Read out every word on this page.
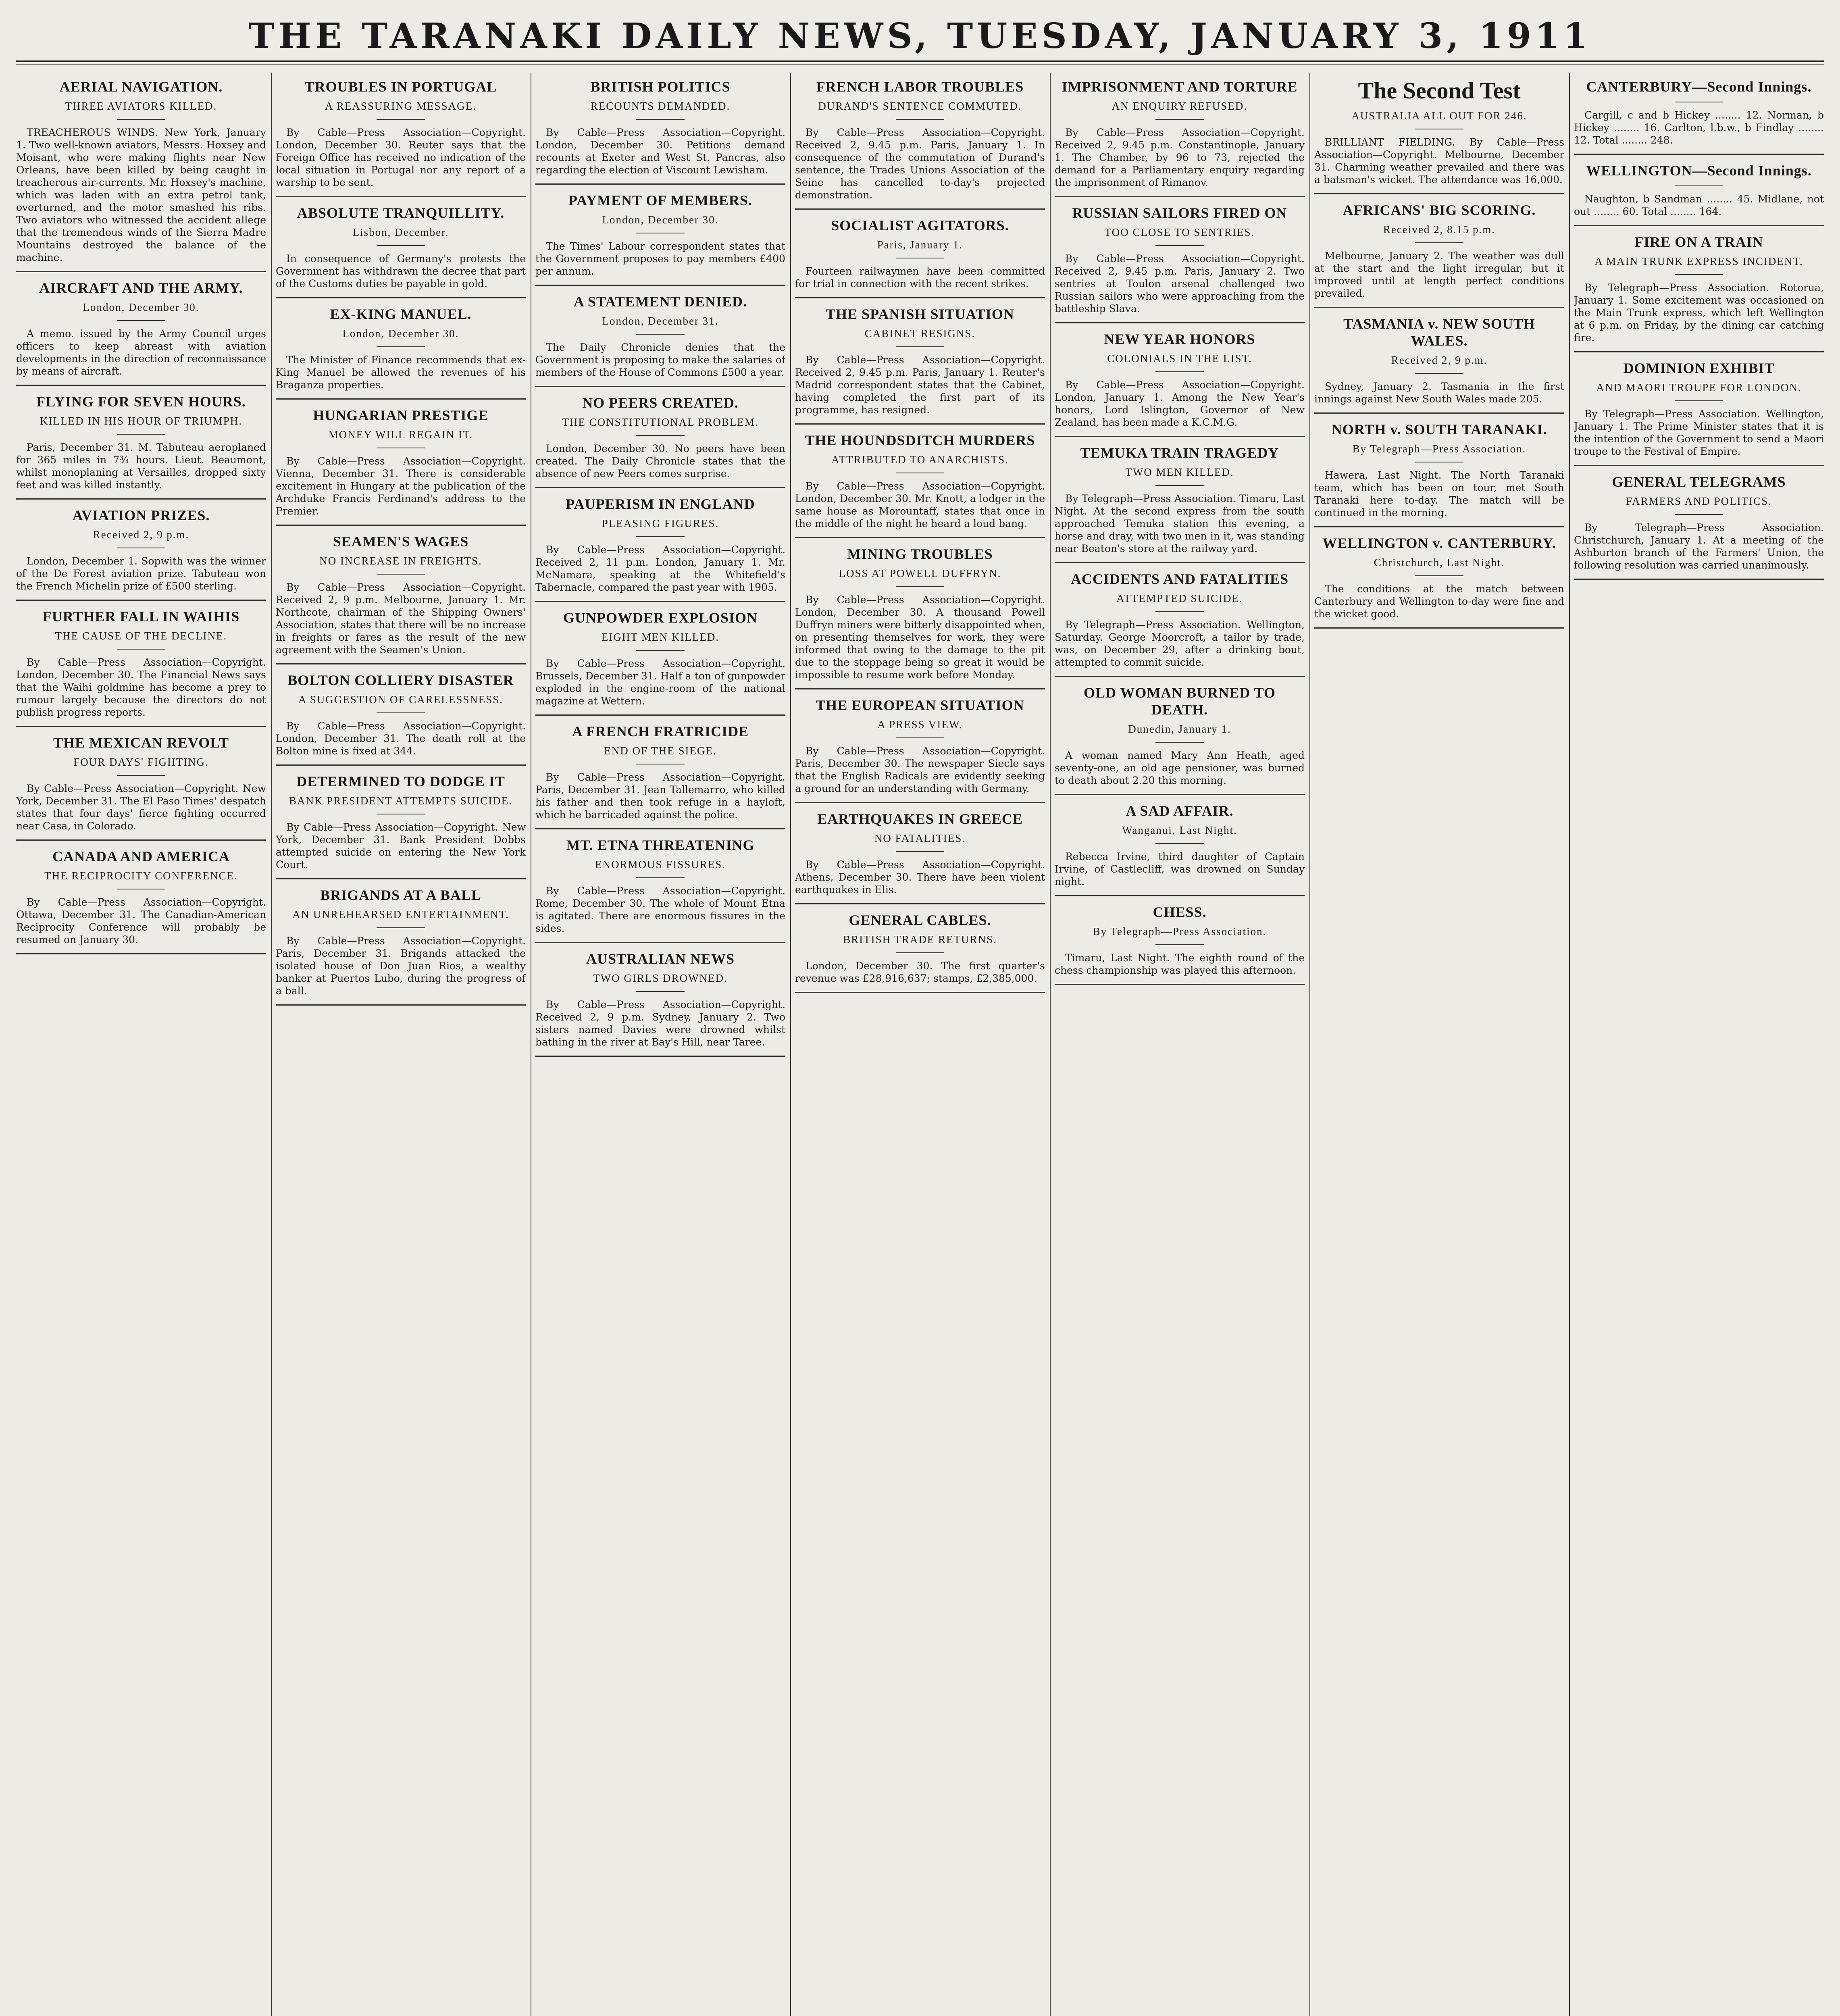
THE TARANAKI DAILY NEWS, TUESDAY, JANUARY 3, 1911
AERIAL NAVIGATION.
THREE AVIATORS KILLED.

TREACHEROUS WINDS. New York, January 1. Two well-known aviators, Messrs. Hoxsey and Moisant, who were making flights near New Orleans, have been killed by being caught in treacherous air-currents. Mr. Hoxsey's machine, which was laden with an extra petrol tank, overturned, and the motor smashed his ribs. Two aviators who witnessed the accident allege that the tremendous winds of the Sierra Madre Mountains destroyed the balance of the machine.

AIRCRAFT AND THE ARMY.
London, December 30.

A memo. issued by the Army Council urges officers to keep abreast with aviation developments in the direction of reconnaissance by means of aircraft.

FLYING FOR SEVEN HOURS.
KILLED IN HIS HOUR OF TRIUMPH.

Paris, December 31. M. Tabuteau aeroplaned for 365 miles in 7¾ hours. Lieut. Beaumont, whilst monoplaning at Versailles, dropped sixty feet and was killed instantly.

AVIATION PRIZES.
Received 2, 9 p.m.

London, December 1. Sopwith was the winner of the De Forest aviation prize. Tabuteau won the French Michelin prize of £500 sterling.

FURTHER FALL IN WAIHIS
THE CAUSE OF THE DECLINE.

By Cable—Press Association—Copyright. London, December 30. The Financial News says that the Waihi goldmine has become a prey to rumour largely because the directors do not publish progress reports.

THE MEXICAN REVOLT
FOUR DAYS' FIGHTING.

By Cable—Press Association—Copyright. New York, December 31. The El Paso Times' despatch states that four days' fierce fighting occurred near Casa, in Colorado.

CANADA AND AMERICA
THE RECIPROCITY CONFERENCE.

By Cable—Press Association—Copyright. Ottawa, December 31. The Canadian-American Reciprocity Conference will probably be resumed on January 30.

TROUBLES IN PORTUGAL
A REASSURING MESSAGE.

By Cable—Press Association—Copyright. London, December 30. Reuter says that the Foreign Office has received no indication of the local situation in Portugal nor any report of a warship to be sent.

ABSOLUTE TRANQUILLITY.
Lisbon, December.

In consequence of Germany's protests the Government has withdrawn the decree that part of the Customs duties be payable in gold.

EX-KING MANUEL.
London, December 30.

The Minister of Finance recommends that ex-King Manuel be allowed the revenues of his Braganza properties.

HUNGARIAN PRESTIGE
MONEY WILL REGAIN IT.

By Cable—Press Association—Copyright. Vienna, December 31. There is considerable excitement in Hungary at the publication of the Archduke Francis Ferdinand's address to the Premier.

SEAMEN'S WAGES
NO INCREASE IN FREIGHTS.

By Cable—Press Association—Copyright. Received 2, 9 p.m. Melbourne, January 1. Mr. Northcote, chairman of the Shipping Owners' Association, states that there will be no increase in freights or fares as the result of the new agreement with the Seamen's Union.

BOLTON COLLIERY DISASTER
A SUGGESTION OF CARELESSNESS.

By Cable—Press Association—Copyright. London, December 31. The death roll at the Bolton mine is fixed at 344.

DETERMINED TO DODGE IT
BANK PRESIDENT ATTEMPTS SUICIDE.

By Cable—Press Association—Copyright. New York, December 31. Bank President Dobbs attempted suicide on entering the New York Court.

BRIGANDS AT A BALL
AN UNREHEARSED ENTERTAINMENT.

By Cable—Press Association—Copyright. Paris, December 31. Brigands attacked the isolated house of Don Juan Rios, a wealthy banker at Puertos Lubo, during the progress of a ball.

BRITISH POLITICS
RECOUNTS DEMANDED.

By Cable—Press Association—Copyright. London, December 30. Petitions demand recounts at Exeter and West St. Pancras, also regarding the election of Viscount Lewisham.

PAYMENT OF MEMBERS.
London, December 30.

The Times' Labour correspondent states that the Government proposes to pay members £400 per annum.

A STATEMENT DENIED.
London, December 31.

The Daily Chronicle denies that the Government is proposing to make the salaries of members of the House of Commons £500 a year.

NO PEERS CREATED.
THE CONSTITUTIONAL PROBLEM.

London, December 30. No peers have been created. The Daily Chronicle states that the absence of new Peers comes surprise.

PAUPERISM IN ENGLAND
PLEASING FIGURES.

By Cable—Press Association—Copyright. Received 2, 11 p.m. London, January 1. Mr. McNamara, speaking at the Whitefield's Tabernacle, compared the past year with 1905.

GUNPOWDER EXPLOSION
EIGHT MEN KILLED.

By Cable—Press Association—Copyright. Brussels, December 31. Half a ton of gunpowder exploded in the engine-room of the national magazine at Wettern.

A FRENCH FRATRICIDE
END OF THE SIEGE.

By Cable—Press Association—Copyright. Paris, December 31. Jean Tallemarro, who killed his father and then took refuge in a hayloft, which he barricaded against the police.

MT. ETNA THREATENING
ENORMOUS FISSURES.

By Cable—Press Association—Copyright. Rome, December 30. The whole of Mount Etna is agitated. There are enormous fissures in the sides.

AUSTRALIAN NEWS
TWO GIRLS DROWNED.

By Cable—Press Association—Copyright. Received 2, 9 p.m. Sydney, January 2. Two sisters named Davies were drowned whilst bathing in the river at Bay's Hill, near Taree.

FRENCH LABOR TROUBLES
DURAND'S SENTENCE COMMUTED.

By Cable—Press Association—Copyright. Received 2, 9.45 p.m. Paris, January 1. In consequence of the commutation of Durand's sentence, the Trades Unions Association of the Seine has cancelled to-day's projected demonstration.

SOCIALIST AGITATORS.
Paris, January 1.

Fourteen railwaymen have been committed for trial in connection with the recent strikes.

THE SPANISH SITUATION
CABINET RESIGNS.

By Cable—Press Association—Copyright. Received 2, 9.45 p.m. Paris, January 1. Reuter's Madrid correspondent states that the Cabinet, having completed the first part of its programme, has resigned.

THE HOUNDSDITCH MURDERS
ATTRIBUTED TO ANARCHISTS.

By Cable—Press Association—Copyright. London, December 30. Mr. Knott, a lodger in the same house as Morountaff, states that once in the middle of the night he heard a loud bang.

MINING TROUBLES
LOSS AT POWELL DUFFRYN.

By Cable—Press Association—Copyright. London, December 30. A thousand Powell Duffryn miners were bitterly disappointed when, on presenting themselves for work, they were informed that owing to the damage to the pit due to the stoppage being so great it would be impossible to resume work before Monday.

THE EUROPEAN SITUATION
A PRESS VIEW.

By Cable—Press Association—Copyright. Paris, December 30. The newspaper Siecle says that the English Radicals are evidently seeking a ground for an understanding with Germany.

EARTHQUAKES IN GREECE
NO FATALITIES.

By Cable—Press Association—Copyright. Athens, December 30. There have been violent earthquakes in Elis.

GENERAL CABLES.
BRITISH TRADE RETURNS.

London, December 30. The first quarter's revenue was £28,916,637; stamps, £2,385,000.

IMPRISONMENT AND TORTURE
AN ENQUIRY REFUSED.

By Cable—Press Association—Copyright. Received 2, 9.45 p.m. Constantinople, January 1. The Chamber, by 96 to 73, rejected the demand for a Parliamentary enquiry regarding the imprisonment of Rimanov.

RUSSIAN SAILORS FIRED ON
TOO CLOSE TO SENTRIES.

By Cable—Press Association—Copyright. Received 2, 9.45 p.m. Paris, January 2. Two sentries at Toulon arsenal challenged two Russian sailors who were approaching from the battleship Slava.

NEW YEAR HONORS
COLONIALS IN THE LIST.

By Cable—Press Association—Copyright. London, January 1. Among the New Year's honors, Lord Islington, Governor of New Zealand, has been made a K.C.M.G.

TEMUKA TRAIN TRAGEDY
TWO MEN KILLED.

By Telegraph—Press Association. Timaru, Last Night. At the second express from the south approached Temuka station this evening, a horse and dray, with two men in it, was standing near Beaton's store at the railway yard.

ACCIDENTS AND FATALITIES
ATTEMPTED SUICIDE.

By Telegraph—Press Association. Wellington, Saturday. George Moorcroft, a tailor by trade, was, on December 29, after a drinking bout, attempted to commit suicide.

OLD WOMAN BURNED TO DEATH.
Dunedin, January 1.

A woman named Mary Ann Heath, aged seventy-one, an old age pensioner, was burned to death about 2.20 this morning.

A SAD AFFAIR.
Wanganui, Last Night.

Rebecca Irvine, third daughter of Captain Irvine, of Castlecliff, was drowned on Sunday night.

CHESS.
By Telegraph—Press Association.

Timaru, Last Night. The eighth round of the chess championship was played this afternoon.

The Second Test
AUSTRALIA ALL OUT FOR 246.

BRILLIANT FIELDING. By Cable—Press Association—Copyright. Melbourne, December 31. Charming weather prevailed and there was a batsman's wicket. The attendance was 16,000.

AFRICANS' BIG SCORING.
Received 2, 8.15 p.m.

Melbourne, January 2. The weather was dull at the start and the light irregular, but it improved until at length perfect conditions prevailed.

TASMANIA v. NEW SOUTH WALES.
Received 2, 9 p.m.

Sydney, January 2. Tasmania in the first innings against New South Wales made 205.

NORTH v. SOUTH TARANAKI.
By Telegraph—Press Association.

Hawera, Last Night. The North Taranaki team, which has been on tour, met South Taranaki here to-day. The match will be continued in the morning.

WELLINGTON v. CANTERBURY.
Christchurch, Last Night.

The conditions at the match between Canterbury and Wellington to-day were fine and the wicket good.

CANTERBURY—Second Innings.

Cargill, c and b Hickey ........ 12. Norman, b Hickey ........ 16. Carlton, l.b.w., b Findlay ........ 12. Total ........ 248.

WELLINGTON—Second Innings.

Naughton, b Sandman ........ 45. Midlane, not out ........ 60. Total ........ 164.

FIRE ON A TRAIN
A MAIN TRUNK EXPRESS INCIDENT.

By Telegraph—Press Association. Rotorua, January 1. Some excitement was occasioned on the Main Trunk express, which left Wellington at 6 p.m. on Friday, by the dining car catching fire.

DOMINION EXHIBIT
AND MAORI TROUPE FOR LONDON.

By Telegraph—Press Association. Wellington, January 1. The Prime Minister states that it is the intention of the Government to send a Maori troupe to the Festival of Empire.

GENERAL TELEGRAMS
FARMERS AND POLITICS.

By Telegraph—Press Association. Christchurch, January 1. At a meeting of the Ashburton branch of the Farmers' Union, the following resolution was carried unanimously.
